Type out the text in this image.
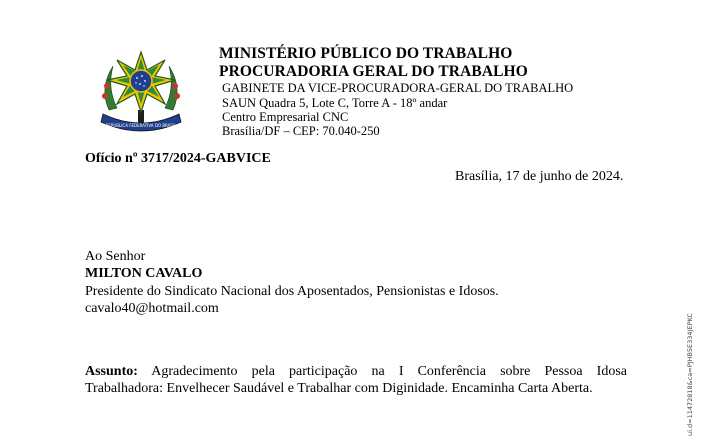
REPUBLICA FEDERATIVA DO BRASIL
MINISTÉRIO PÚBLICO DO TRABALHO
PROCURADORIA GERAL DO TRABALHO
GABINETE DA VICE-PROCURADORA-GERAL DO TRABALHO
SAUN Quadra 5, Lote C, Torre A - 18º andar
Centro Empresarial CNC
Brasília/DF – CEP: 70.040-250
Ofício nº 3717/2024-GABVICE
Brasília, 17 de junho de 2024.
Ao Senhor
MILTON CAVALO
Presidente do Sindicato Nacional dos Aposentados, Pensionistas e Idosos.
cavalo40@hotmail.com
Assunto: Agradecimento pela participação na I Conferência sobre Pessoa Idosa
Trabalhadora: Envelhecer Saudável e Trabalhar com Diginidade. Encaminha Carta Aberta.	ui.d=11472818&ca=PJHB5E334JEPKC
